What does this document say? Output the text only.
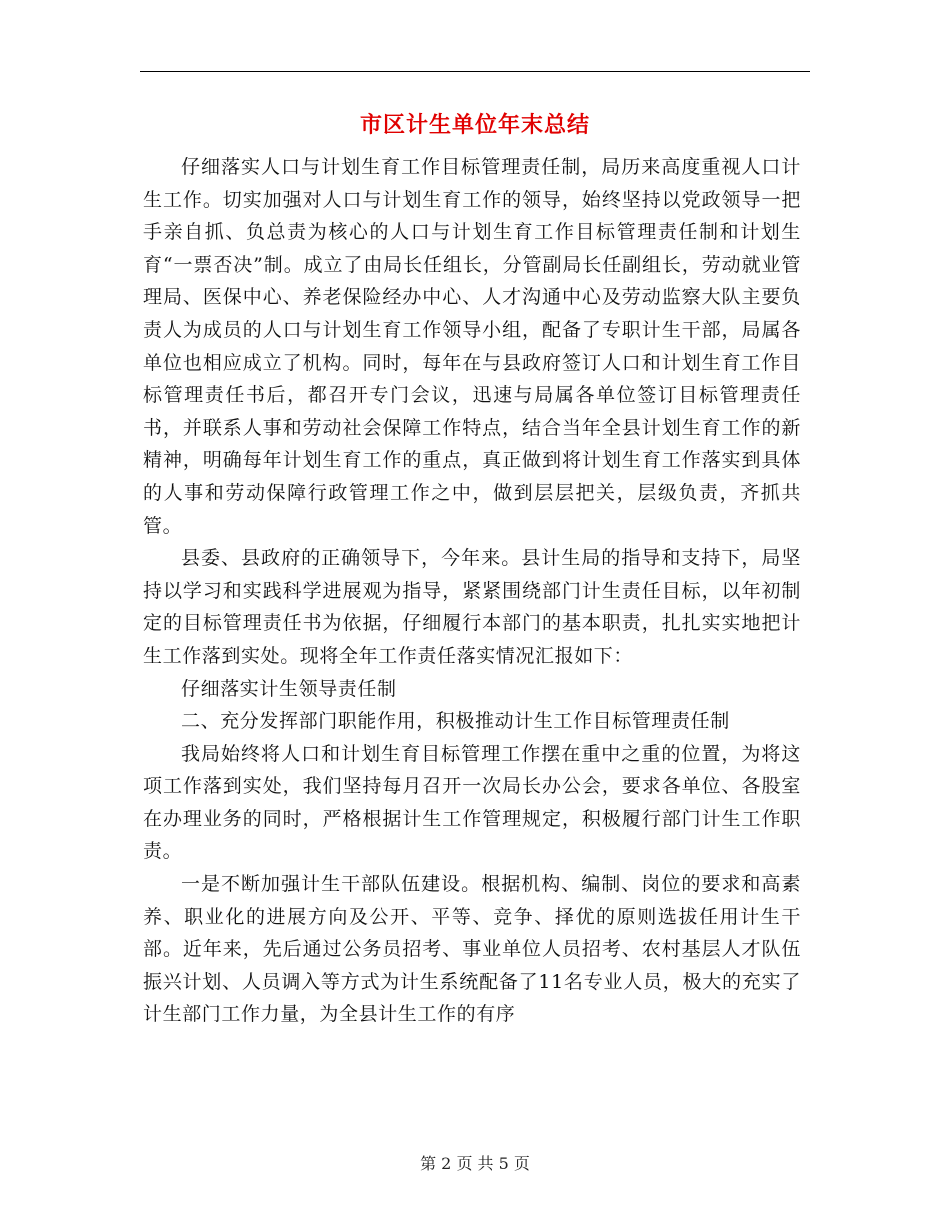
市区计生单位年末总结

仔细落实人口与计划生育工作目标管理责任制，局历来高度重视人口计生工作。切实加强对人口与计划生育工作的领导，始终坚持以党政领导一把手亲自抓、负总责为核心的人口与计划生育工作目标管理责任制和计划生育“一票否决”制。成立了由局长任组长，分管副局长任副组长，劳动就业管理局、医保中心、养老保险经办中心、人才沟通中心及劳动监察大队主要负责人为成员的人口与计划生育工作领导小组，配备了专职计生干部，局属各单位也相应成立了机构。同时，每年在与县政府签订人口和计划生育工作目标管理责任书后，都召开专门会议，迅速与局属各单位签订目标管理责任书，并联系人事和劳动社会保障工作特点，结合当年全县计划生育工作的新精神，明确每年计划生育工作的重点，真正做到将计划生育工作落实到具体的人事和劳动保障行政管理工作之中，做到层层把关，层级负责，齐抓共管。

县委、县政府的正确领导下，今年来。县计生局的指导和支持下，局坚持以学习和实践科学进展观为指导，紧紧围绕部门计生责任目标，以年初制定的目标管理责任书为依据，仔细履行本部门的基本职责，扎扎实实地把计生工作落到实处。现将全年工作责任落实情况汇报如下：

仔细落实计生领导责任制

二、充分发挥部门职能作用，积极推动计生工作目标管理责任制

我局始终将人口和计划生育目标管理工作摆在重中之重的位置，为将这项工作落到实处，我们坚持每月召开一次局长办公会，要求各单位、各股室在办理业务的同时，严格根据计生工作管理规定，积极履行部门计生工作职责。

一是不断加强计生干部队伍建设。根据机构、编制、岗位的要求和高素养、职业化的进展方向及公开、平等、竞争、择优的原则选拔任用计生干部。近年来，先后通过公务员招考、事业单位人员招考、农村基层人才队伍振兴计划、人员调入等方式为计生系统配备了11名专业人员，极大的充实了计生部门工作力量，为全县计生工作的有序

第 2 页 共 5 页
